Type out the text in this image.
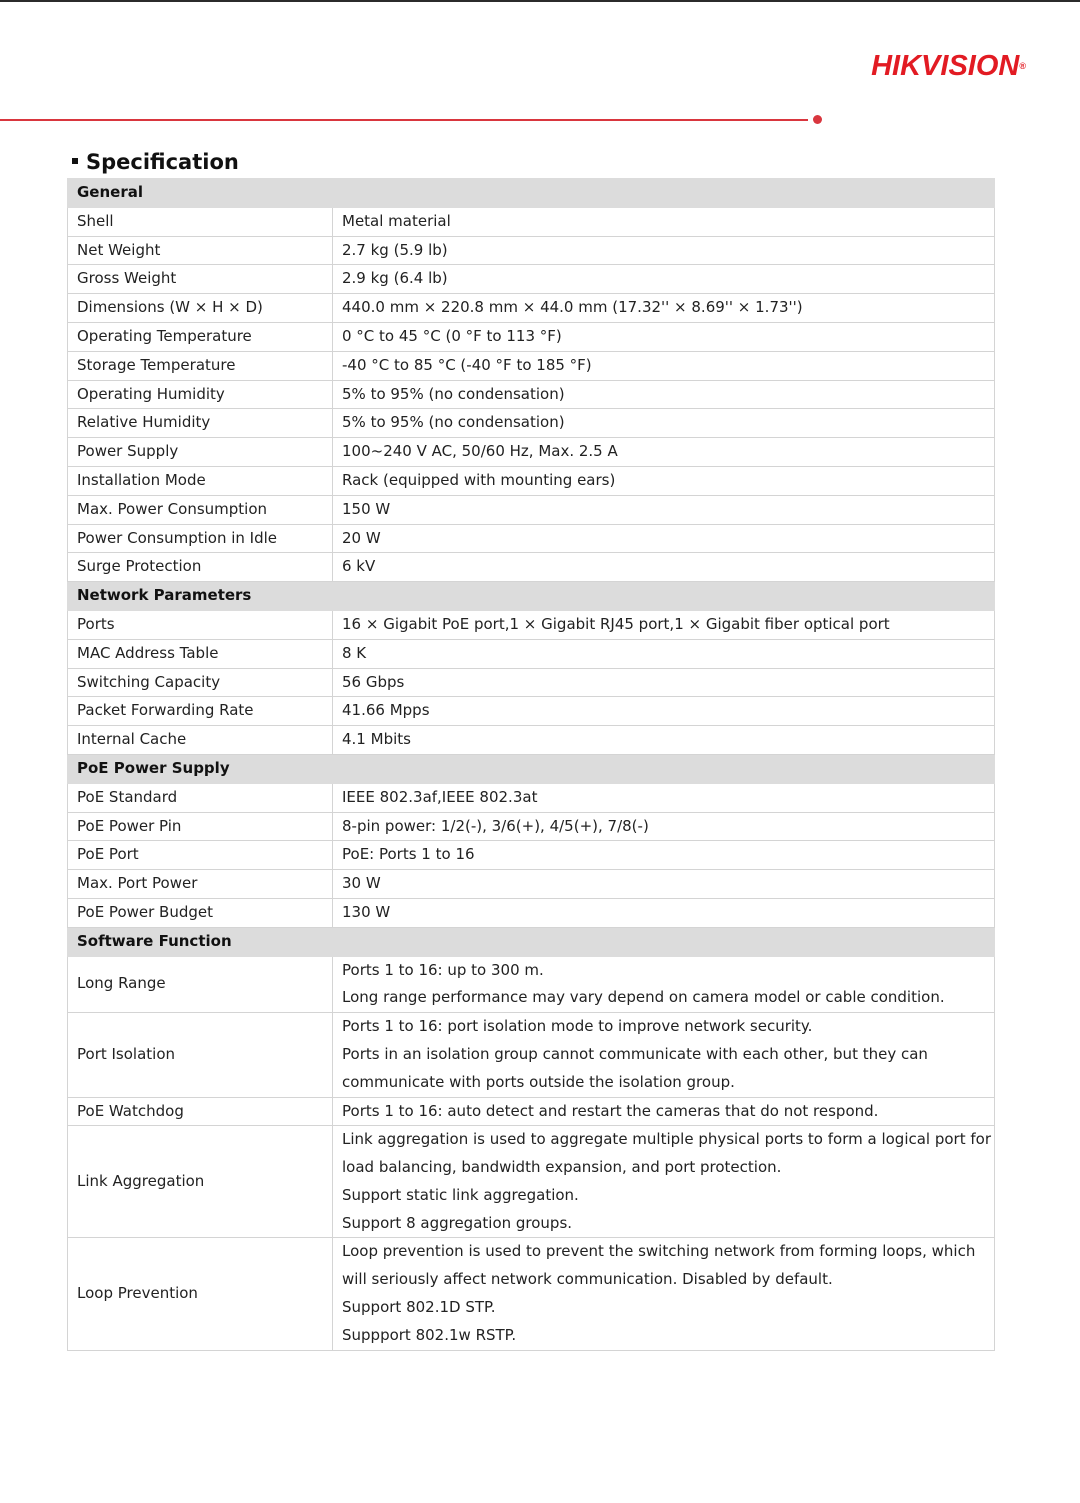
HIKVISION®
Specification
General	
Shell	Metal material

Net Weight	2.7 kg (5.9 lb)

Gross Weight	2.9 kg (6.4 lb)

Dimensions (W × H × D)	440.0 mm × 220.8 mm × 44.0 mm (17.32'' × 8.69'' × 1.73'')

Operating Temperature	0 °C to 45 °C (0 °F to 113 °F)

Storage Temperature	-40 °C to 85 °C (-40 °F to 185 °F)

Operating Humidity	5% to 95% (no condensation)

Relative Humidity	5% to 95% (no condensation)

Power Supply	100~240 V AC, 50/60 Hz, Max. 2.5 A

Installation Mode	Rack (equipped with mounting ears)

Max. Power Consumption	150 W

Power Consumption in Idle	20 W

Surge Protection	6 kV

Network Parameters	
Ports	16 × Gigabit PoE port,1 × Gigabit RJ45 port,1 × Gigabit fiber optical port

MAC Address Table	8 K

Switching Capacity	56 Gbps

Packet Forwarding Rate	41.66 Mpps

Internal Cache	4.1 Mbits

PoE Power Supply	
PoE Standard	IEEE 802.3af,IEEE 802.3at

PoE Power Pin	8-pin power: 1/2(-), 3/6(+), 4/5(+), 7/8(-)

PoE Port	PoE: Ports 1 to 16

Max. Port Power	30 W

PoE Power Budget	130 W

Software Function	
Long Range	Ports 1 to 16: up to 300 m.
Long range performance may vary depend on camera model or cable condition.

Port Isolation	Ports 1 to 16: port isolation mode to improve network security.
Ports in an isolation group cannot communicate with each other, but they can
communicate with ports outside the isolation group.

PoE Watchdog	Ports 1 to 16: auto detect and restart the cameras that do not respond.

Link Aggregation	Link aggregation is used to aggregate multiple physical ports to form a logical port for
load balancing, bandwidth expansion, and port protection.
Support static link aggregation.
Support 8 aggregation groups.

Loop Prevention	Loop prevention is used to prevent the switching network from forming loops, which
will seriously affect network communication. Disabled by default.
Support 802.1D STP.
Suppport 802.1w RSTP.
